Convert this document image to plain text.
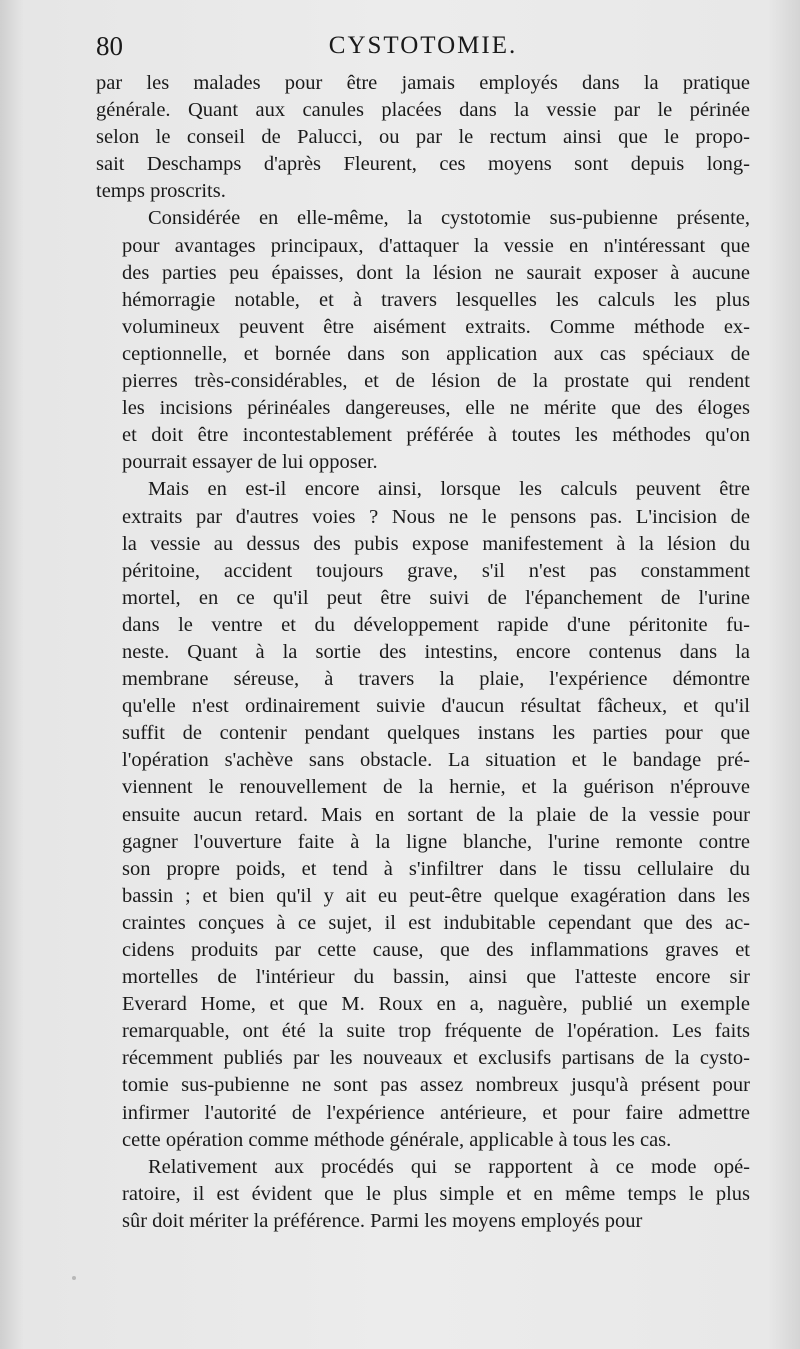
80	CYSTOTOMIE.
par les malades pour être jamais employés dans la pratique
générale. Quant aux canules placées dans la vessie par le périnée
selon le conseil de Palucci, ou par le rectum ainsi que le propo-
sait Deschamps d'après Fleurent, ces moyens sont depuis long-
temps proscrits.
Considérée en elle-même, la cystotomie sus-pubienne présente,
pour avantages principaux, d'attaquer la vessie en n'intéressant que
des parties peu épaisses, dont la lésion ne saurait exposer à aucune
hémorragie notable, et à travers lesquelles les calculs les plus
volumineux peuvent être aisément extraits. Comme méthode ex-
ceptionnelle, et bornée dans son application aux cas spéciaux de
pierres très-considérables, et de lésion de la prostate qui rendent
les incisions périnéales dangereuses, elle ne mérite que des éloges
et doit être incontestablement préférée à toutes les méthodes qu'on
pourrait essayer de lui opposer.
Mais en est-il encore ainsi, lorsque les calculs peuvent être
extraits par d'autres voies ? Nous ne le pensons pas. L'incision de
la vessie au dessus des pubis expose manifestement à la lésion du
péritoine, accident toujours grave, s'il n'est pas constamment
mortel, en ce qu'il peut être suivi de l'épanchement de l'urine
dans le ventre et du développement rapide d'une péritonite fu-
neste. Quant à la sortie des intestins, encore contenus dans la
membrane séreuse, à travers la plaie, l'expérience démontre
qu'elle n'est ordinairement suivie d'aucun résultat fâcheux, et qu'il
suffit de contenir pendant quelques instans les parties pour que
l'opération s'achève sans obstacle. La situation et le bandage pré-
viennent le renouvellement de la hernie, et la guérison n'éprouve
ensuite aucun retard. Mais en sortant de la plaie de la vessie pour
gagner l'ouverture faite à la ligne blanche, l'urine remonte contre
son propre poids, et tend à s'infiltrer dans le tissu cellulaire du
bassin ; et bien qu'il y ait eu peut-être quelque exagération dans les
craintes conçues à ce sujet, il est indubitable cependant que des ac-
cidens produits par cette cause, que des inflammations graves et
mortelles de l'intérieur du bassin, ainsi que l'atteste encore sir
Everard Home, et que M. Roux en a, naguère, publié un exemple
remarquable, ont été la suite trop fréquente de l'opération. Les faits
récemment publiés par les nouveaux et exclusifs partisans de la cysto-
tomie sus-pubienne ne sont pas assez nombreux jusqu'à présent pour
infirmer l'autorité de l'expérience antérieure, et pour faire admettre
cette opération comme méthode générale, applicable à tous les cas.
Relativement aux procédés qui se rapportent à ce mode opé-
ratoire, il est évident que le plus simple et en même temps le plus
sûr doit mériter la préférence. Parmi les moyens employés pour
